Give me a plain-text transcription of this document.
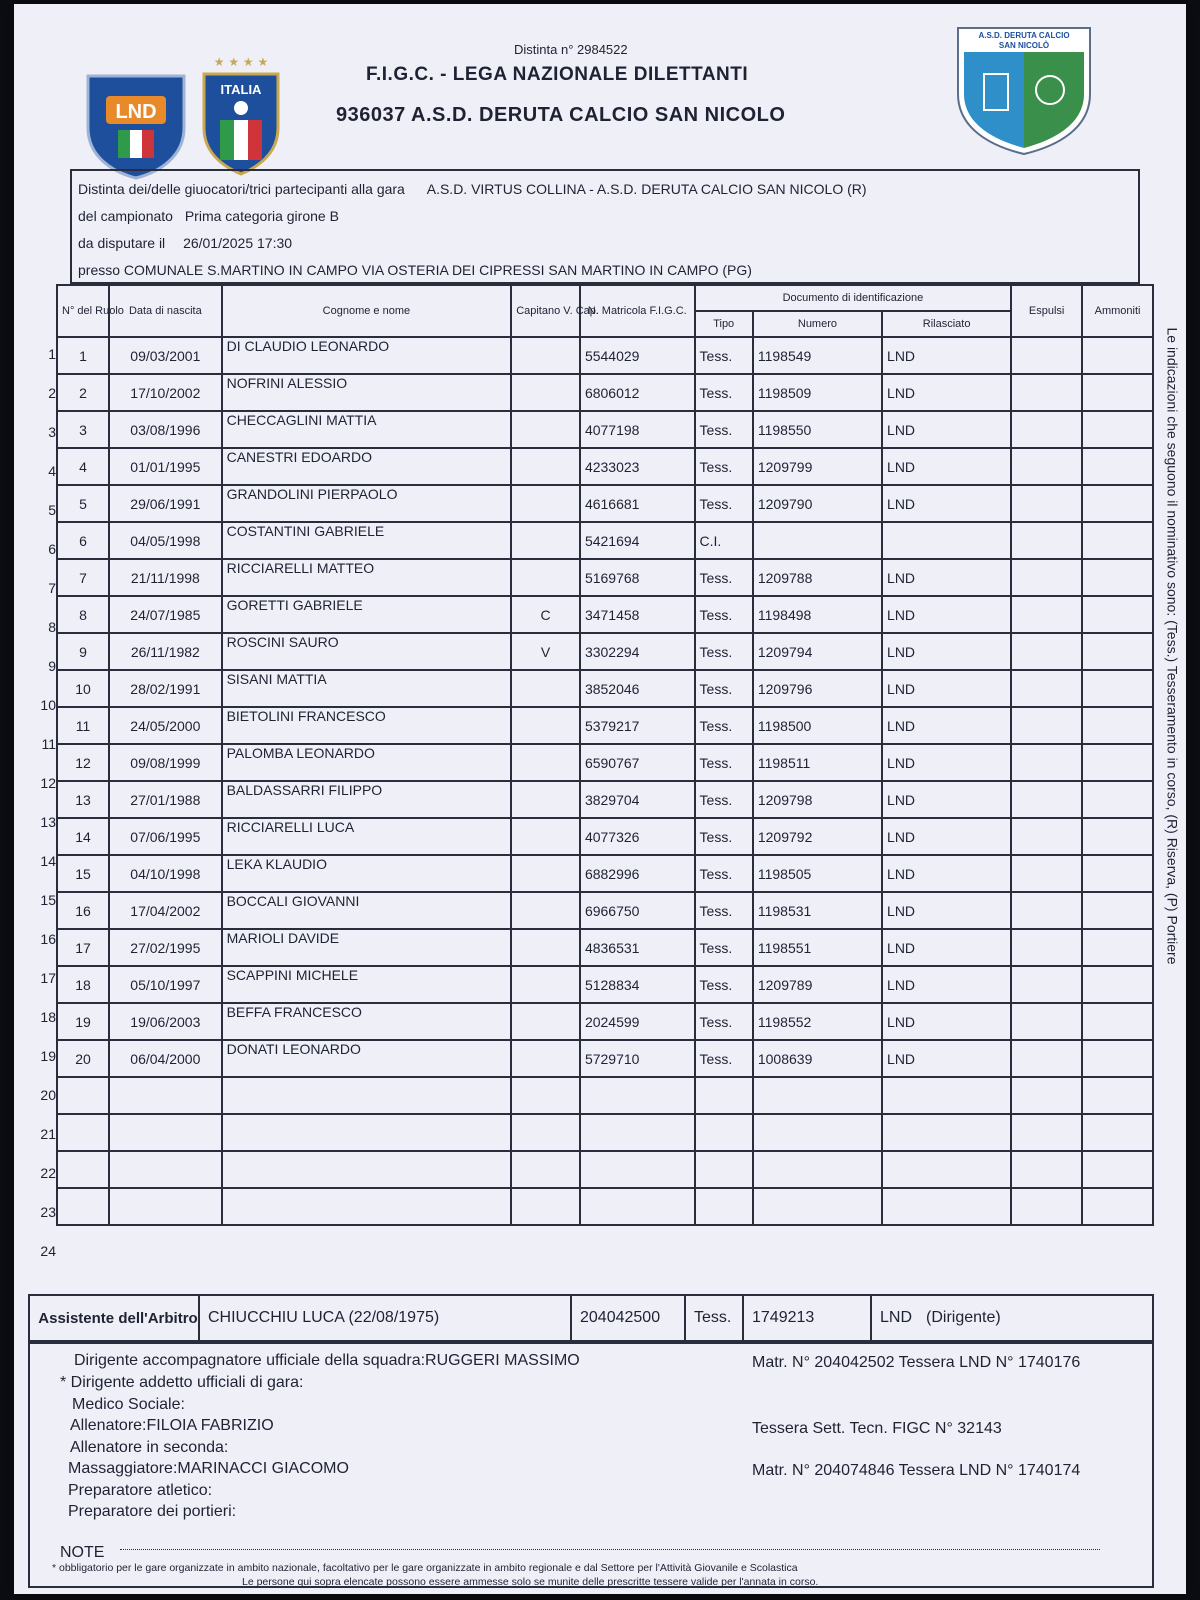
LND
★ ★ ★ ★
ITALIA
A.S.D. DERUTA CALCIO
SAN NICOLÒ
Distinta n° 2984522
F.I.G.C. - LEGA NAZIONALE DILETTANTI
936037 A.S.D. DERUTA CALCIO SAN NICOLO
Distinta dei/delle giuocatori/trici partecipanti alla gara A.S.D. VIRTUS COLLINA - A.S.D. DERUTA CALCIO SAN NICOLO (R)
del campionato Prima categoria girone B
da disputare il 26/01/2025 17:30
presso COMUNALE S.MARTINO IN CAMPO VIA OSTERIA DEI CIPRESSI SAN MARTINO IN CAMPO (PG)
1
2
3
4
5
6
7
8
9
10
11
12
13
14
15
16
17
18
19
20
21
22
23
24
N° del Ruolo	Data di nascita	Cognome e nome	Capitano V. Cap.	N. Matricola F.I.G.C.	Documento di identificazione			Espulsi	Ammoniti
					Tipo	Numero	Rilasciato		
1	09/03/2001	DI CLAUDIO LEONARDO		5544029	Tess.	1198549	LND		
2	17/10/2002	NOFRINI ALESSIO		6806012	Tess.	1198509	LND		
3	03/08/1996	CHECCAGLINI MATTIA		4077198	Tess.	1198550	LND		
4	01/01/1995	CANESTRI EDOARDO		4233023	Tess.	1209799	LND		
5	29/06/1991	GRANDOLINI PIERPAOLO		4616681	Tess.	1209790	LND		
6	04/05/1998	COSTANTINI GABRIELE		5421694	C.I.				
7	21/11/1998	RICCIARELLI MATTEO		5169768	Tess.	1209788	LND		
8	24/07/1985	GORETTI GABRIELE	C	3471458	Tess.	1198498	LND		
9	26/11/1982	ROSCINI SAURO	V	3302294	Tess.	1209794	LND		
10	28/02/1991	SISANI MATTIA		3852046	Tess.	1209796	LND		
11	24/05/2000	BIETOLINI FRANCESCO		5379217	Tess.	1198500	LND		
12	09/08/1999	PALOMBA LEONARDO		6590767	Tess.	1198511	LND		
13	27/01/1988	BALDASSARRI FILIPPO		3829704	Tess.	1209798	LND		
14	07/06/1995	RICCIARELLI LUCA		4077326	Tess.	1209792	LND		
15	04/10/1998	LEKA KLAUDIO		6882996	Tess.	1198505	LND		
16	17/04/2002	BOCCALI GIOVANNI		6966750	Tess.	1198531	LND		
17	27/02/1995	MARIOLI DAVIDE		4836531	Tess.	1198551	LND		
18	05/10/1997	SCAPPINI MICHELE		5128834	Tess.	1209789	LND		
19	19/06/2003	BEFFA FRANCESCO		2024599	Tess.	1198552	LND		
20	06/04/2000	DONATI LEONARDO		5729710	Tess.	1008639	LND		

Assistente dell'Arbitro CHIUCCHIU LUCA (22/08/1975)	204042500	Tess.	1749213	LND (Dirigente)
Dirigente accompagnatore ufficiale della squadra:RUGGERI MASSIMO	Matr. N° 204042502 Tessera LND N° 1740176
* Dirigente addetto ufficiali di gara:
Medico Sociale:
Allenatore:FILOIA FABRIZIO	Tessera Sett. Tecn. FIGC N° 32143
Allenatore in seconda:
Massaggiatore:MARINACCI GIACOMO	Matr. N° 204074846 Tessera LND N° 1740174
Preparatore atletico:
Preparatore dei portieri:
NOTE
* obbligatorio per le gare organizzate in ambito nazionale, facoltativo per le gare organizzate in ambito regionale e dal Settore per l'Attività Giovanile e Scolastica
Le persone qui sopra elencate possono essere ammesse solo se munite delle prescritte tessere valide per l'annata in corso.
Le indicazioni che seguono il nominativo sono: (Tess.) Tesseramento in corso, (R) Riserva, (P) Portiere
